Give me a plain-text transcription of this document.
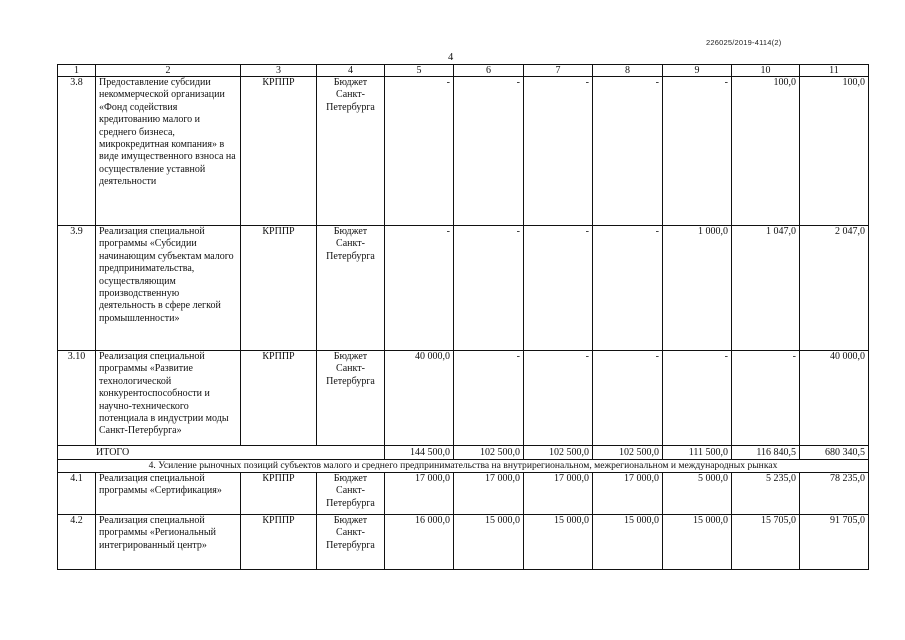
226025/2019-4114(2)
4
1	2	3	4	5	6	7	8	9	10	11
3.8	Предоставление субсидии некоммерческой организации «Фонд содействия кредитованию малого и среднего бизнеса, микрокредитная компания» в виде имущественного взноса на осуществление уставной деятельности	КРППР	Бюджет Санкт-Петербурга	-	-	-	-	-	100,0	100,0
3.9	Реализация специальной программы «Субсидии начинающим субъектам малого предпринимательства, осуществляющим производственную деятельность в сфере легкой промышленности»	КРППР	Бюджет Санкт-Петербурга	-	-	-	-	1 000,0	1 047,0	2 047,0
3.10	Реализация специальной программы «Развитие технологической конкурентоспособности и научно-технического потенциала в индустрии моды Санкт-Петербурга»	КРППР	Бюджет Санкт-Петербурга	40 000,0	-	-	-	-	-	40 000,0
ИТОГО				144 500,0	102 500,0	102 500,0	102 500,0	111 500,0	116 840,5	680 340,5
4. Усиление рыночных позиций субъектов малого и среднего предпринимательства на внутрирегиональном, межрегиональном и международных рынках										
4.1	Реализация специальной программы «Сертификация»	КРППР	Бюджет Санкт-Петербурга	17 000,0	17 000,0	17 000,0	17 000,0	5 000,0	5 235,0	78 235,0
4.2	Реализация специальной программы «Региональный интегрированный центр»	КРППР	Бюджет Санкт-Петербурга	16 000,0	15 000,0	15 000,0	15 000,0	15 000,0	15 705,0	91 705,0
